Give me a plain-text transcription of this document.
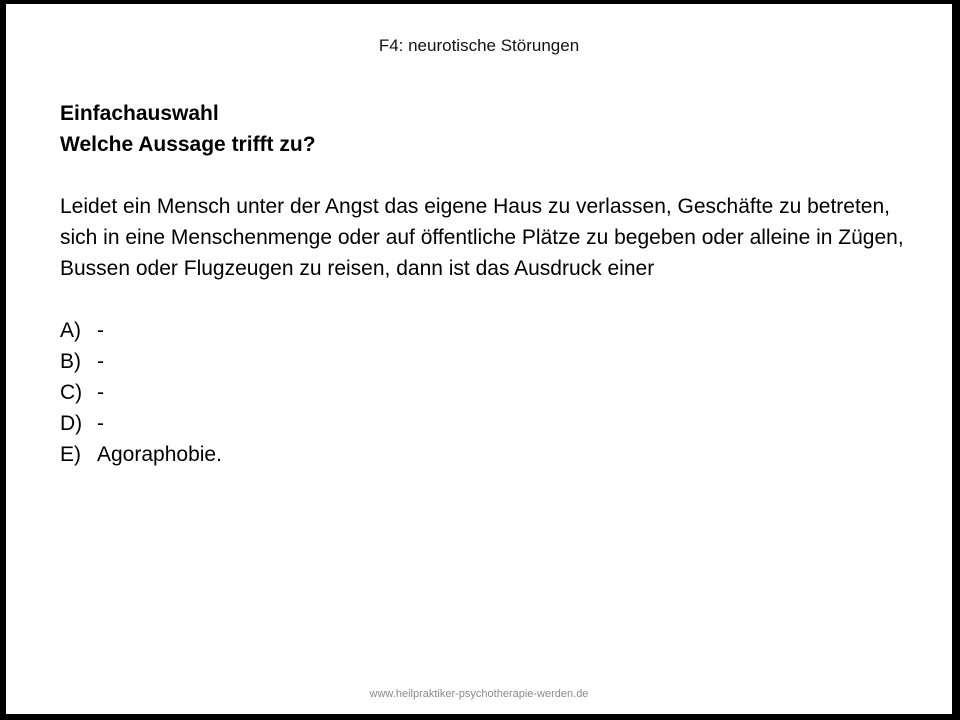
F4: neurotische Störungen
Einfachauswahl
Welche Aussage trifft zu?

Leidet ein Mensch unter der Angst das eigene Haus zu verlassen, Geschäfte zu betreten, sich in eine Menschenmenge oder auf öffentliche Plätze zu begeben oder alleine in Zügen, Bussen oder Flugzeugen zu reisen, dann ist das Ausdruck einer

A) -
B) -
C) -
D) -
E) Agoraphobie.
www.heilpraktiker-psychotherapie-werden.de
